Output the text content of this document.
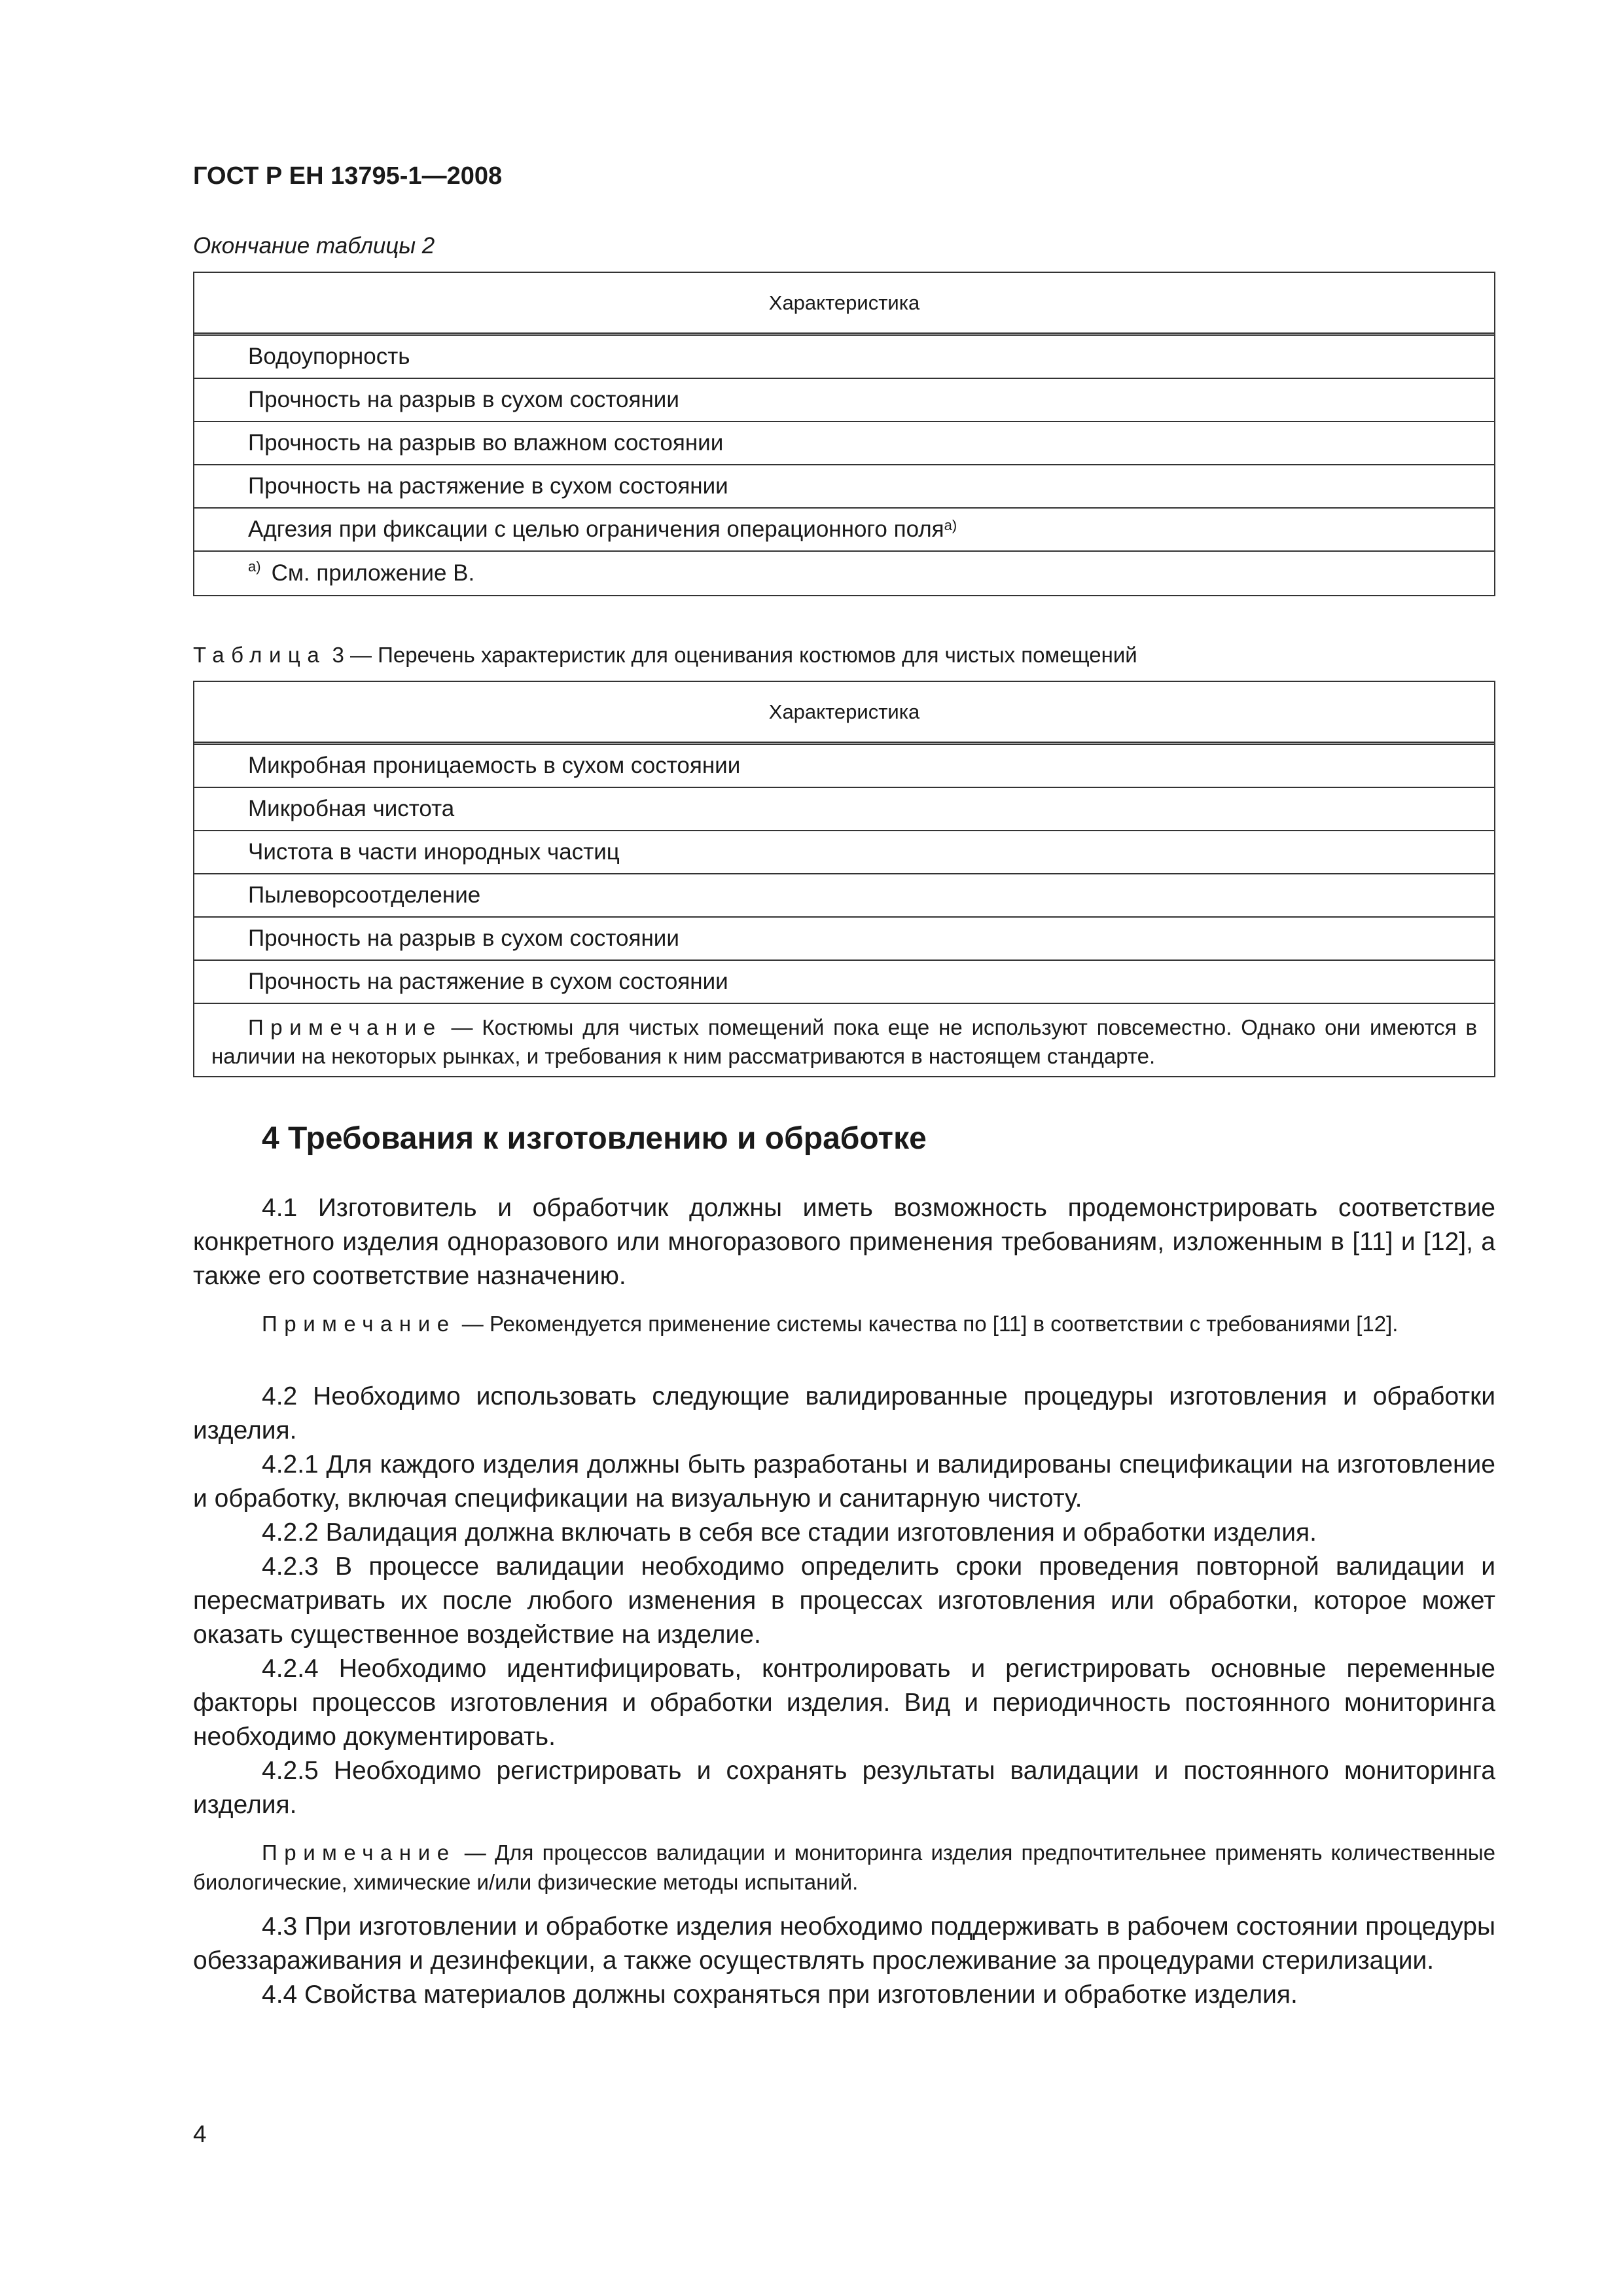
ГОСТ Р ЕН 13795-1—2008
Окончание таблицы 2
Характеристика
Водоупорность
Прочность на разрыв в сухом состоянии
Прочность на разрыв во влажном состоянии
Прочность на растяжение в сухом состоянии
Адгезия при фиксации с целью ограничения операционного поля$^{а)}$
а) См. приложение В.
Таблица 3 — Перечень характеристик для оценивания костюмов для чистых помещений
Характеристика
Микробная проницаемость в сухом состоянии
Микробная чистота
Чистота в части инородных частиц
Пылеворсоотделение
Прочность на разрыв в сухом состоянии
Прочность на растяжение в сухом состоянии
Примечание — Костюмы для чистых помещений пока еще не используют повсеместно. Однако они имеются в наличии на некоторых рынках, и требования к ним рассматриваются в настоящем стандарте.
4 Требования к изготовлению и обработке

4.1 Изготовитель и обработчик должны иметь возможность продемонстрировать соответствие конкретного изделия одноразового или многоразового применения требованиям, изложенным в [11] и [12], а также его соответствие назначению.

Примечание — Рекомендуется применение системы качества по [11] в соответствии с требованиями [12].

4.2 Необходимо использовать следующие валидированные процедуры изготовления и обработки изделия.

4.2.1 Для каждого изделия должны быть разработаны и валидированы спецификации на изготовление и обработку, включая спецификации на визуальную и санитарную чистоту.

4.2.2 Валидация должна включать в себя все стадии изготовления и обработки изделия.

4.2.3 В процессе валидации необходимо определить сроки проведения повторной валидации и пересматривать их после любого изменения в процессах изготовления или обработки, которое может оказать существенное воздействие на изделие.

4.2.4 Необходимо идентифицировать, контролировать и регистрировать основные переменные факторы процессов изготовления и обработки изделия. Вид и периодичность постоянного мониторинга необходимо документировать.

4.2.5 Необходимо регистрировать и сохранять результаты валидации и постоянного мониторинга изделия.

Примечание — Для процессов валидации и мониторинга изделия предпочтительнее применять количественные биологические, химические и/или физические методы испытаний.

4.3 При изготовлении и обработке изделия необходимо поддерживать в рабочем состоянии процедуры обеззараживания и дезинфекции, а также осуществлять прослеживание за процедурами стерилизации.

4.4 Свойства материалов должны сохраняться при изготовлении и обработке изделия.

4
